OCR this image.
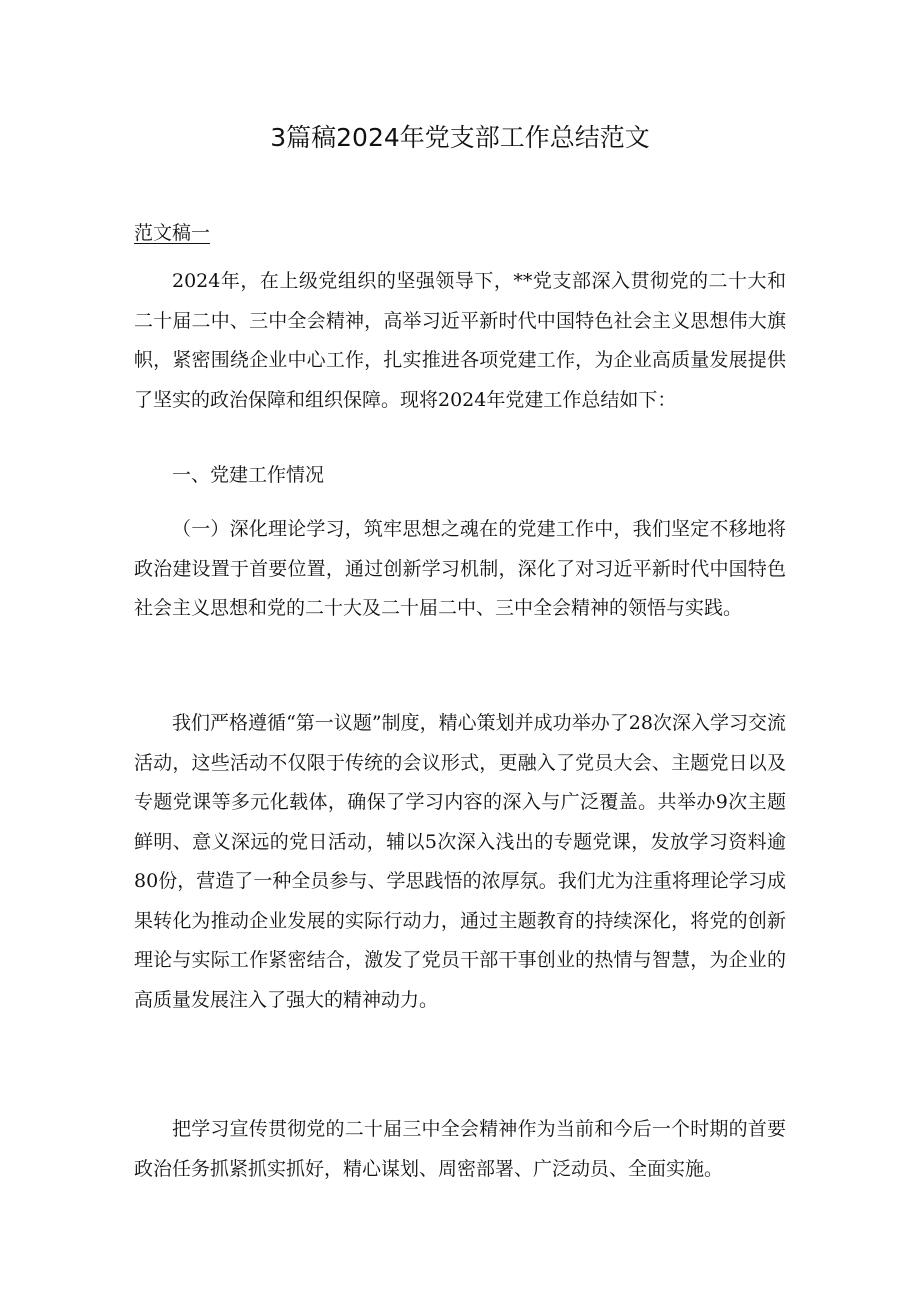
3篇稿2024年党支部工作总结范文
范文稿一

2024年，在上级党组织的坚强领导下，**党支部深入贯彻党的二十大和二十届二中、三中全会精神，高举习近平新时代中国特色社会主义思想伟大旗帜，紧密围绕企业中心工作，扎实推进各项党建工作，为企业高质量发展提供了坚实的政治保障和组织保障。现将2024年党建工作总结如下：

一、党建工作情况

（一）深化理论学习，筑牢思想之魂在的党建工作中，我们坚定不移地将政治建设置于首要位置，通过创新学习机制，深化了对习近平新时代中国特色社会主义思想和党的二十大及二十届二中、三中全会精神的领悟与实践。

我们严格遵循“第一议题”制度，精心策划并成功举办了28次深入学习交流活动，这些活动不仅限于传统的会议形式，更融入了党员大会、主题党日以及专题党课等多元化载体，确保了学习内容的深入与广泛覆盖。共举办9次主题鲜明、意义深远的党日活动，辅以5次深入浅出的专题党课，发放学习资料逾80份，营造了一种全员参与、学思践悟的浓厚氛。我们尤为注重将理论学习成果转化为推动企业发展的实际行动力，通过主题教育的持续深化，将党的创新理论与实际工作紧密结合，激发了党员干部干事创业的热情与智慧，为企业的高质量发展注入了强大的精神动力。

把学习宣传贯彻党的二十届三中全会精神作为当前和今后一个时期的首要政治任务抓紧抓实抓好，精心谋划、周密部署、广泛动员、全面实施。
